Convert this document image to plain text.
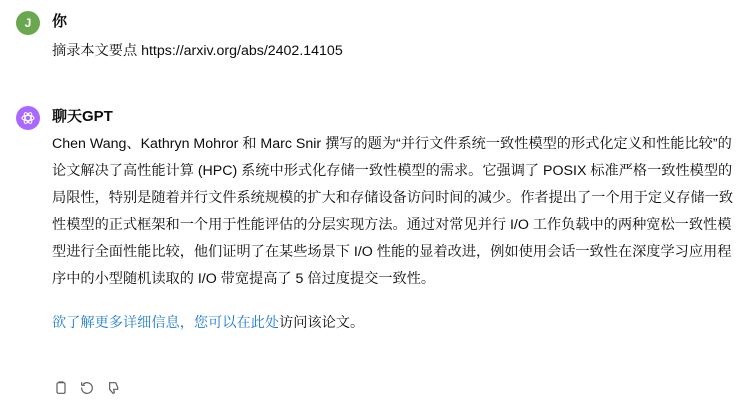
J	你
摘录本文要点 https://arxiv.org/abs/2402.14105
聊天GPT
Chen Wang、Kathryn Mohror 和 Marc Snir 撰写的题为“并行文件系统一致性模型的形式化定义和性能比较”的论文解决了高性能计算 (HPC) 系统中形式化存储一致性模型的需求。它强调了 POSIX 标准严格一致性模型的局限性，特别是随着并行文件系统规模的扩大和存储设备访问时间的减少。作者提出了一个用于定义存储一致性模型的正式框架和一个用于性能评估的分层实现方法。通过对常见并行 I/O 工作负载中的两种宽松一致性模型进行全面性能比较，他们证明了在某些场景下 I/O 性能的显着改进，例如使用会话一致性在深度学习应用程序中的小型随机读取的 I/O 带宽提高了 5 倍过度提交一致性。
欲了解更多详细信息，您可以在此处访问该论文。
